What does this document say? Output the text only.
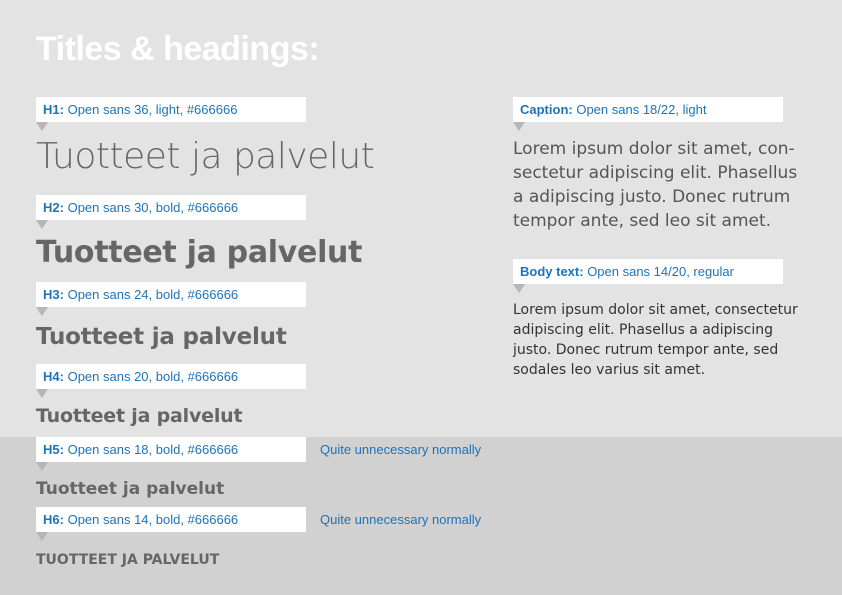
Titles & headings:
H1: Open sans 36, light, #666666
Tuotteet ja palvelut
H2: Open sans 30, bold, #666666
Tuotteet ja palvelut
H3: Open sans 24, bold, #666666
Tuotteet ja palvelut
H4: Open sans 20, bold, #666666
Tuotteet ja palvelut
H5: Open sans 18, bold, #666666	Quite unnecessary normally
Tuotteet ja palvelut
H6: Open sans 14, bold, #666666	Quite unnecessary normally
TUOTTEET JA PALVELUT
Caption: Open sans 18/22, light

Lorem ipsum dolor sit amet, con-sectetur adipiscing elit. Phasellus a adipiscing justo. Donec rutrum tempor ante, sed leo sit amet.

Body text: Open sans 14/20, regular

Lorem ipsum dolor sit amet, consectetur adipiscing elit. Phasellus a adipiscing justo. Donec rutrum tempor ante, sed sodales leo varius sit amet.
